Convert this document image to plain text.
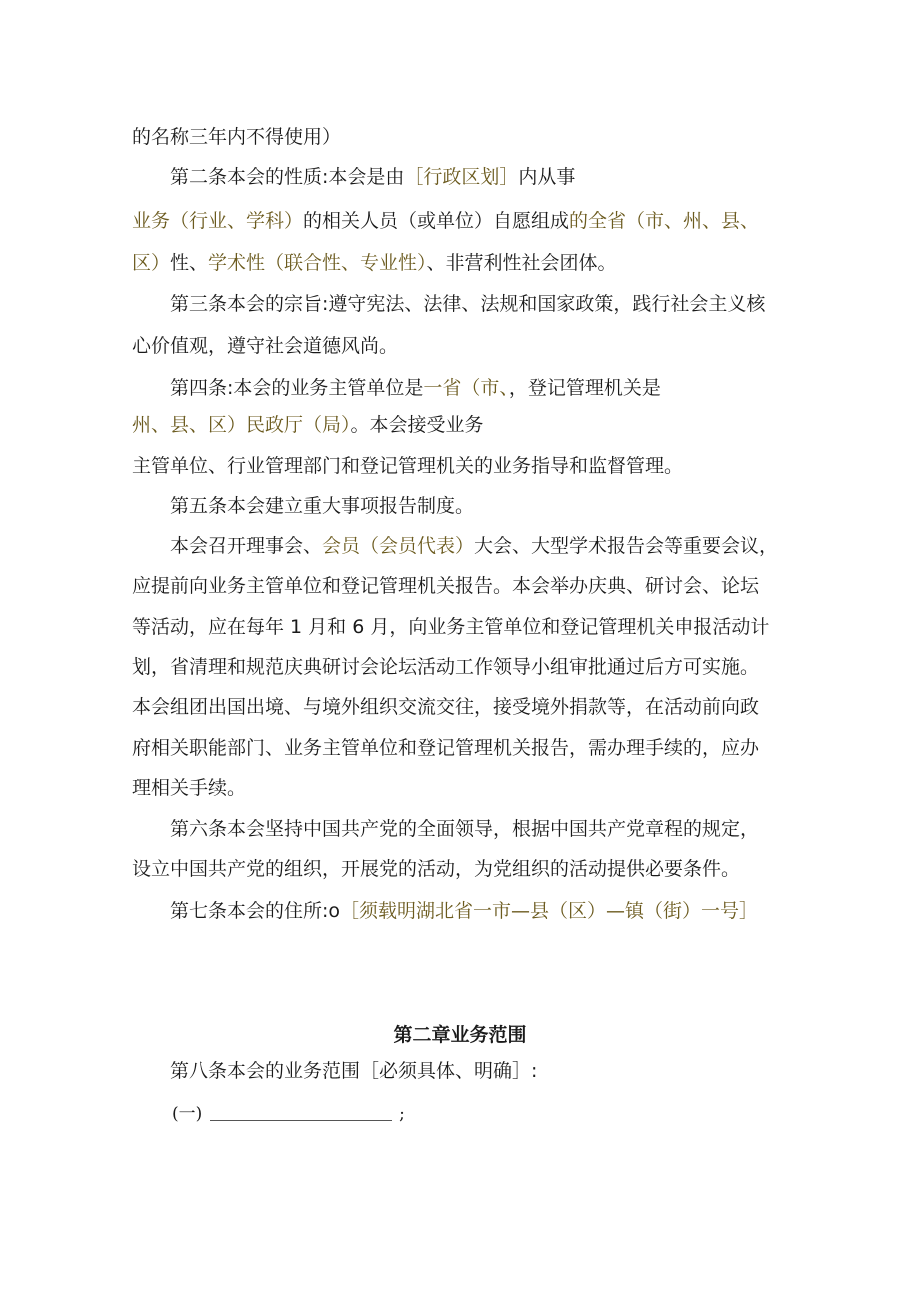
的名称三年内不得使用）
第二条本会的性质:本会是由［行政区划］内从事
业务（行业、学科）的相关人员（或单位）自愿组成的全省（市、州、县、
区）性、学术性（联合性、专业性）、非营利性社会团体。
第三条本会的宗旨:遵守宪法、法律、法规和国家政策，践行社会主义核
心价值观，遵守社会道德风尚。
第四条:本会的业务主管单位是一省（市、，登记管理机关是
州、县、区）民政厅（局）。本会接受业务
主管单位、行业管理部门和登记管理机关的业务指导和监督管理。
第五条本会建立重大事项报告制度。
本会召开理事会、会员（会员代表）大会、大型学术报告会等重要会议，
应提前向业务主管单位和登记管理机关报告。本会举办庆典、研讨会、论坛
等活动，应在每年 1 月和 6 月，向业务主管单位和登记管理机关申报活动计
划，省清理和规范庆典研讨会论坛活动工作领导小组审批通过后方可实施。
本会组团出国出境、与境外组织交流交往，接受境外捐款等，在活动前向政
府相关职能部门、业务主管单位和登记管理机关报告，需办理手续的，应办
理相关手续。
第六条本会坚持中国共产党的全面领导，根据中国共产党章程的规定，
设立中国共产党的组织，开展党的活动，为党组织的活动提供必要条件。
第七条本会的住所:o［须载明湖北省一市—县（区）—镇（街）一号］
第二章业务范围
第八条本会的业务范围［必须具体、明确］:
(一)	;
